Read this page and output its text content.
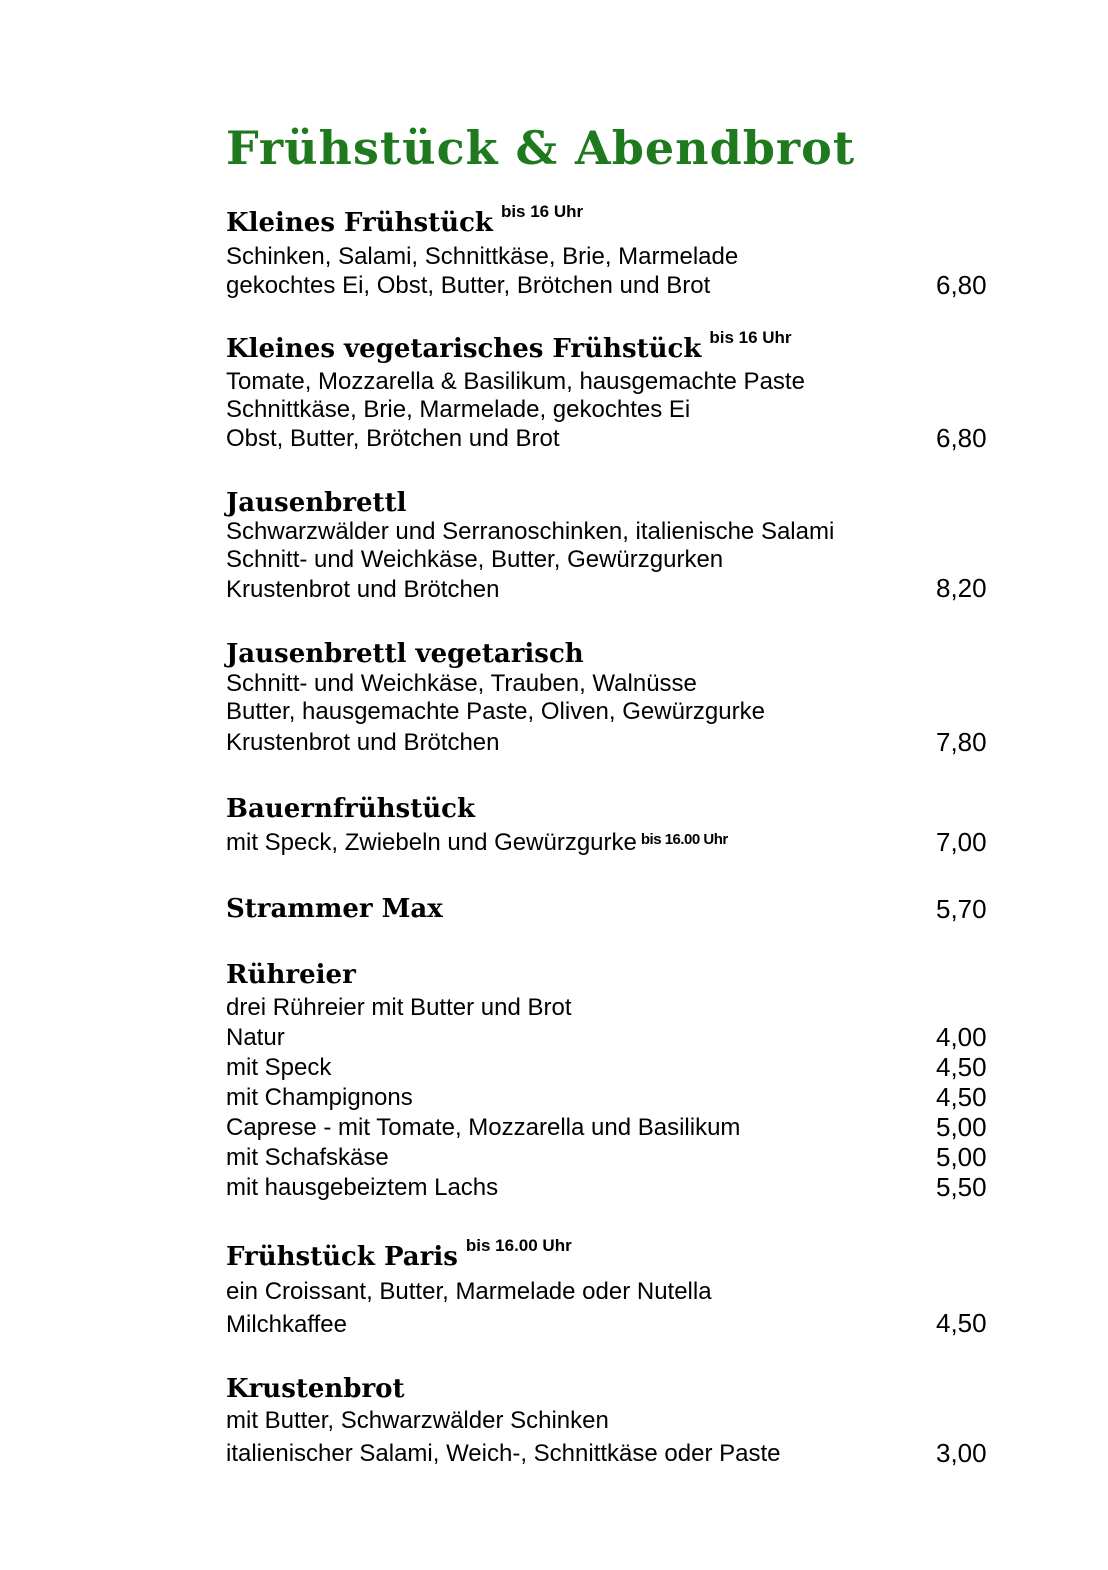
Frühstück & Abendbrot
Kleines Frühstück $^{bis 16 Uhr}$
Schinken, Salami, Schnittkäse, Brie, Marmelade
gekochtes Ei, Obst, Butter, Brötchen und Brot	6,80
Kleines vegetarisches Frühstück $^{bis 16 Uhr}$
Tomate, Mozzarella & Basilikum, hausgemachte Paste
Schnittkäse, Brie, Marmelade, gekochtes Ei
Obst, Butter, Brötchen und Brot	6,80
Jausenbrettl
Schwarzwälder und Serranoschinken, italienische Salami
Schnitt- und Weichkäse, Butter, Gewürzgurken
Krustenbrot und Brötchen	8,20
Jausenbrettl vegetarisch
Schnitt- und Weichkäse, Trauben, Walnüsse
Butter, hausgemachte Paste, Oliven, Gewürzgurke
Krustenbrot und Brötchen	7,80
Bauernfrühstück
mit Speck, Zwiebeln und Gewürzgurke $^{bis 16.00 Uhr}$	7,00
Strammer Max	5,70
Rühreier
drei Rühreier mit Butter und Brot
Natur	4,00
mit Speck	4,50
mit Champignons	4,50
Caprese - mit Tomate, Mozzarella und Basilikum	5,00
mit Schafskäse	5,00
mit hausgebeiztem Lachs	5,50
Frühstück Paris $^{bis 16.00 Uhr}$
ein Croissant, Butter, Marmelade oder Nutella
Milchkaffee	4,50
Krustenbrot
mit Butter, Schwarzwälder Schinken
italienischer Salami, Weich-, Schnittkäse oder Paste	3,00
